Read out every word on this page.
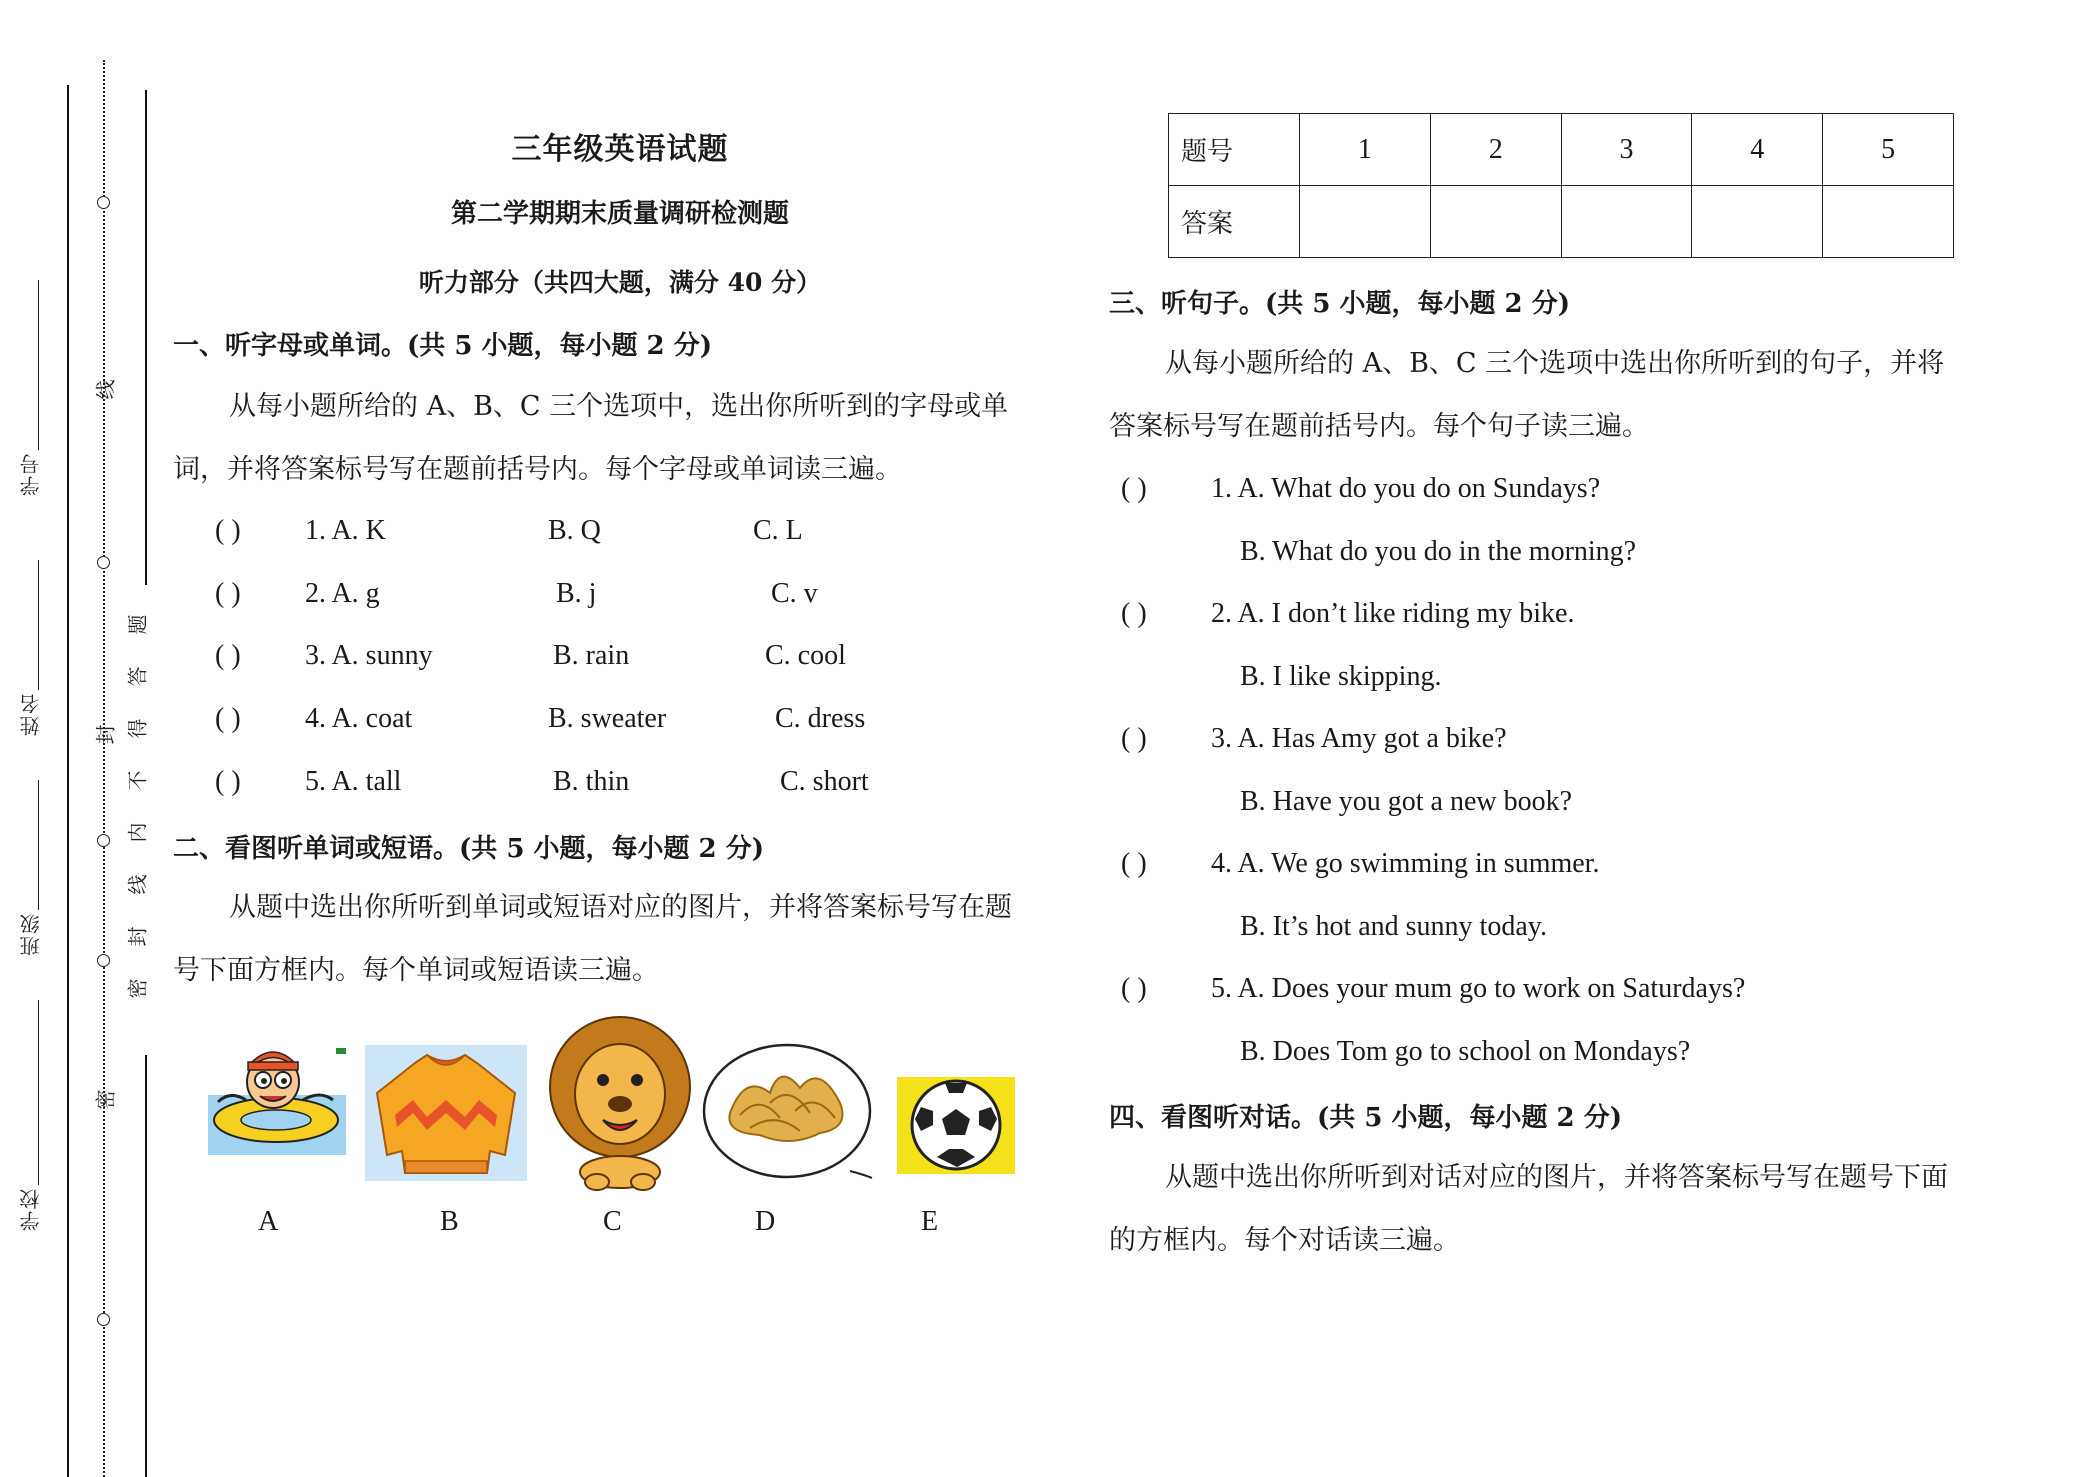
学号
姓名
班级
学校
线
密
题
答
得
不
内
线
封
密
封
三年级英语试题
第二学期期末质量调研检测题
听力部分（共四大题，满分 40 分）
一、听字母或单词。(共 5 小题，每小题 2 分)
从每小题所给的 A、B、C 三个选项中，选出你所听到的字母或单
词，并将答案标号写在题前括号内。每个字母或单词读三遍。
( ) 1. A. K	B. Q	C. L
( ) 2. A. g	B. j	C. v
( ) 3. A. sunny	B. rain	C. cool
( ) 4. A. coat	B. sweater	C. dress
( ) 5. A. tall	B. thin	C. short
二、看图听单词或短语。(共 5 小题，每小题 2 分)
从题中选出你所听到单词或短语对应的图片，并将答案标号写在题
号下面方框内。每个单词或短语读三遍。
A	B	C	D	E
题号	1	2	3	4	5
答案					
三、听句子。(共 5 小题，每小题 2 分)
从每小题所给的 A、B、C 三个选项中选出你所听到的句子，并将
答案标号写在题前括号内。每个句子读三遍。
( ) 1. A. What do you do on Sundays?
B. What do you do in the morning?
( ) 2. A. I don’t like riding my bike.
B. I like skipping.
( ) 3. A. Has Amy got a bike?
B. Have you got a new book?
( ) 4. A. We go swimming in summer.
B. It’s hot and sunny today.
( ) 5. A. Does your mum go to work on Saturdays?
B. Does Tom go to school on Mondays?
四、看图听对话。(共 5 小题，每小题 2 分)
从题中选出你所听到对话对应的图片，并将答案标号写在题号下面
的方框内。每个对话读三遍。
